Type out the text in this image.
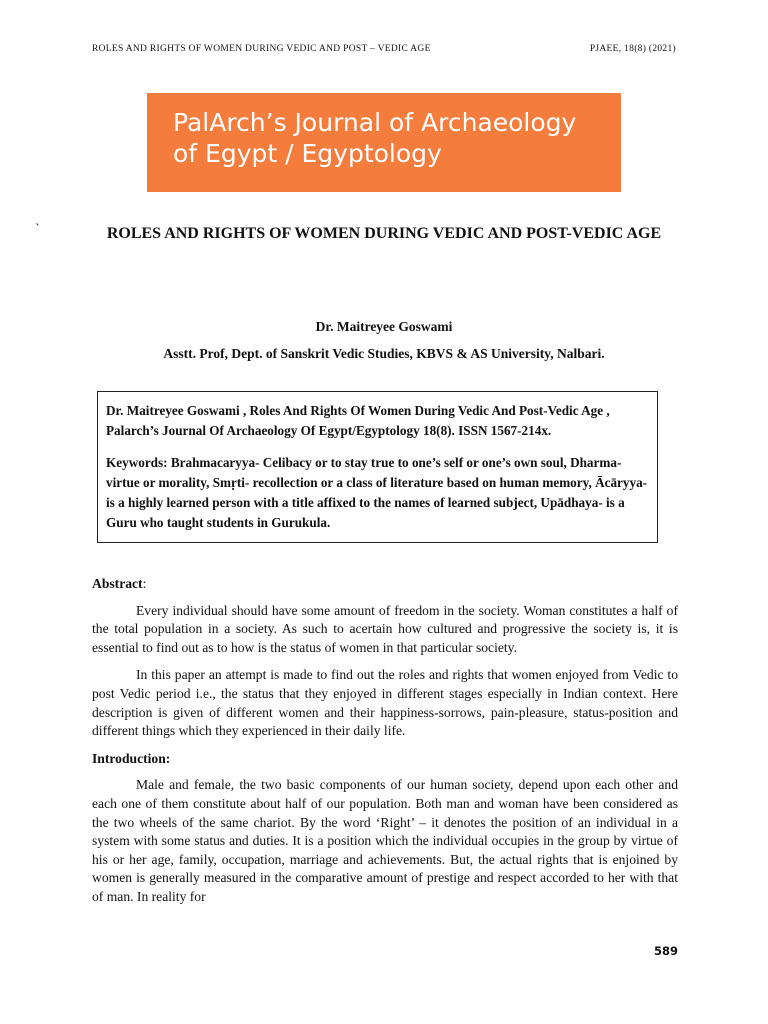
ROLES AND RIGHTS OF WOMEN DURING VEDIC AND POST – VEDIC AGE	PJAEE, 18(8) (2021)
PalArch’s Journal of Archaeology
of Egypt / Egyptology
`	ROLES AND RIGHTS OF WOMEN DURING VEDIC AND POST-VEDIC AGE
Dr. Maitreyee Goswami
Asstt. Prof, Dept. of Sanskrit Vedic Studies, KBVS & AS University, Nalbari.

Dr. Maitreyee Goswami , Roles And Rights Of Women During Vedic And Post-Vedic Age , Palarch’s Journal Of Archaeology Of Egypt/Egyptology 18(8). ISSN 1567-214x.

Keywords: Brahmacaryya- Celibacy or to stay true to one’s self or one’s own soul, Dharma- virtue or morality, Smṛti- recollection or a class of literature based on human memory, Ācāryya- is a highly learned person with a title affixed to the names of learned subject, Upādhaya- is a Guru who taught students in Gurukula.

Abstract:

Every individual should have some amount of freedom in the society. Woman constitutes a half of the total population in a society. As such to acertain how cultured and progressive the society is, it is essential to find out as to how is the status of women in that particular society.

In this paper an attempt is made to find out the roles and rights that women enjoyed from Vedic to post Vedic period i.e., the status that they enjoyed in different stages especially in Indian context. Here description is given of different women and their happiness-sorrows, pain-pleasure, status-position and different things which they experienced in their daily life.

Introduction:

Male and female, the two basic components of our human society, depend upon each other and each one of them constitute about half of our population. Both man and woman have been considered as the two wheels of the same chariot. By the word ‘Right’ – it denotes the position of an individual in a system with some status and duties. It is a position which the individual occupies in the group by virtue of his or her age, family, occupation, marriage and achievements. But, the actual rights that is enjoined by women is generally measured in the comparative amount of prestige and respect accorded to her with that of man. In reality for

589
